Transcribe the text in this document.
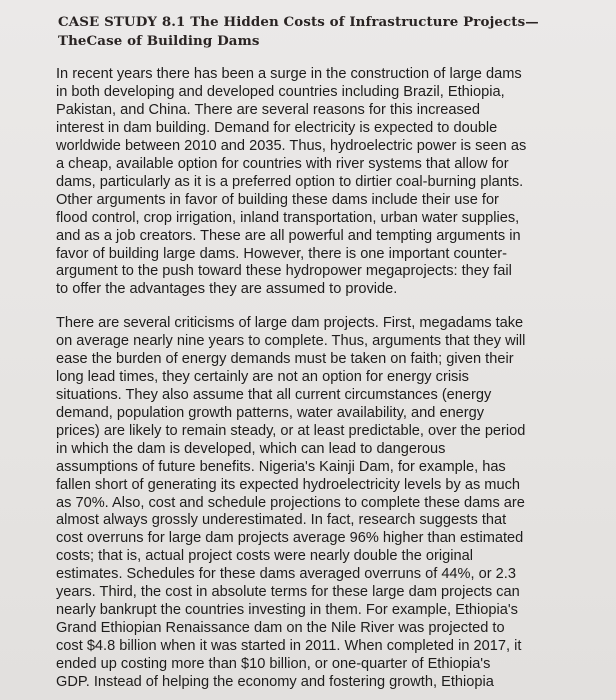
CASE STUDY 8.1 The Hidden Costs of Infrastructure Projects—TheCase of Building Dams

In recent years there has been a surge in the construction of large dams
in both developing and developed countries including Brazil, Ethiopia,
Pakistan, and China. There are several reasons for this increased
interest in dam building. Demand for electricity is expected to double
worldwide between 2010 and 2035. Thus, hydroelectric power is seen as
a cheap, available option for countries with river systems that allow for
dams, particularly as it is a preferred option to dirtier coal-burning plants.
Other arguments in favor of building these dams include their use for
flood control, crop irrigation, inland transportation, urban water supplies,
and as a job creators. These are all powerful and tempting arguments in
favor of building large dams. However, there is one important counter-
argument to the push toward these hydropower megaprojects: they fail
to offer the advantages they are assumed to provide.

There are several criticisms of large dam projects. First, megadams take
on average nearly nine years to complete. Thus, arguments that they will
ease the burden of energy demands must be taken on faith; given their
long lead times, they certainly are not an option for energy crisis
situations. They also assume that all current circumstances (energy
demand, population growth patterns, water availability, and energy
prices) are likely to remain steady, or at least predictable, over the period
in which the dam is developed, which can lead to dangerous
assumptions of future benefits. Nigeria's Kainji Dam, for example, has
fallen short of generating its expected hydroelectricity levels by as much
as 70%. Also, cost and schedule projections to complete these dams are
almost always grossly underestimated. In fact, research suggests that
cost overruns for large dam projects average 96% higher than estimated
costs; that is, actual project costs were nearly double the original
estimates. Schedules for these dams averaged overruns of 44%, or 2.3
years. Third, the cost in absolute terms for these large dam projects can
nearly bankrupt the countries investing in them. For example, Ethiopia's
Grand Ethiopian Renaissance dam on the Nile River was projected to
cost $4.8 billion when it was started in 2011. When completed in 2017, it
ended up costing more than $10 billion, or one-quarter of Ethiopia's
GDP. Instead of helping the economy and fostering growth, Ethiopia
